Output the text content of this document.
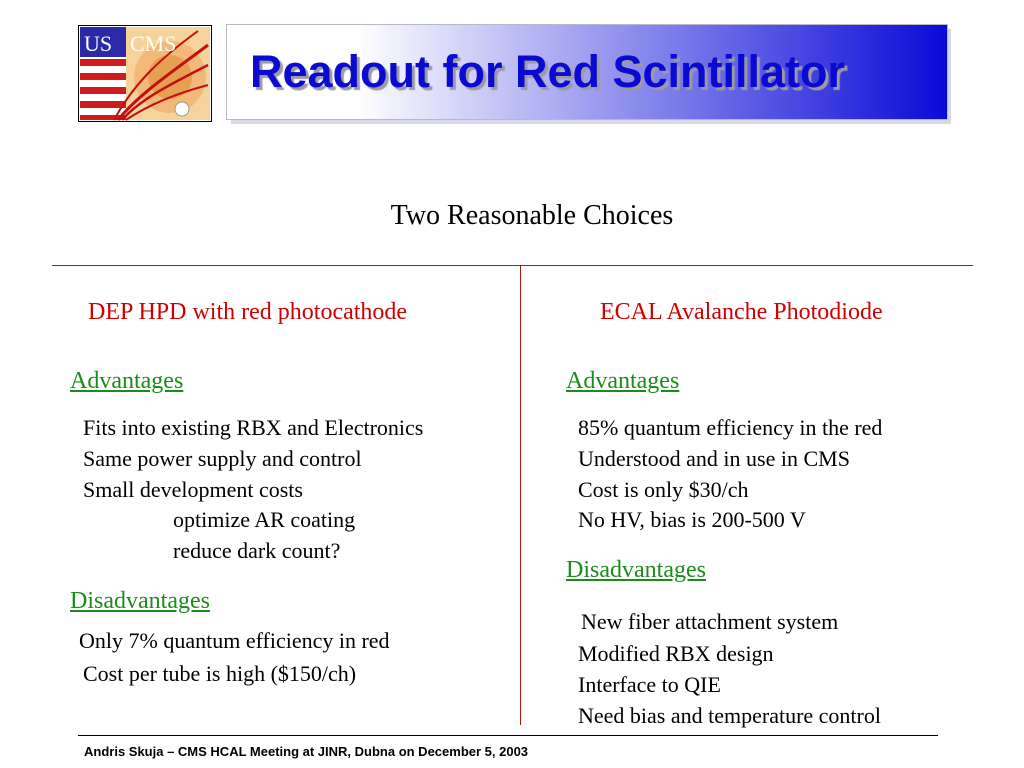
US CMS
Readout for Red Scintillator
Two Reasonable Choices
DEP HPD with red photocathode
Advantages
Fits into existing RBX and Electronics
Same power supply and control
Small development costs
optimize AR coating
reduce dark count?
Disadvantages
Only 7% quantum efficiency in red
Cost per tube is high ($150/ch)
ECAL Avalanche Photodiode
Advantages
85% quantum efficiency in the red
Understood and in use in CMS
Cost is only $30/ch
No HV, bias is 200-500 V
Disadvantages
New fiber attachment system
Modified RBX design
Interface to QIE
Need bias and temperature control
Andris Skuja – CMS HCAL Meeting at JINR, Dubna on December 5, 2003
